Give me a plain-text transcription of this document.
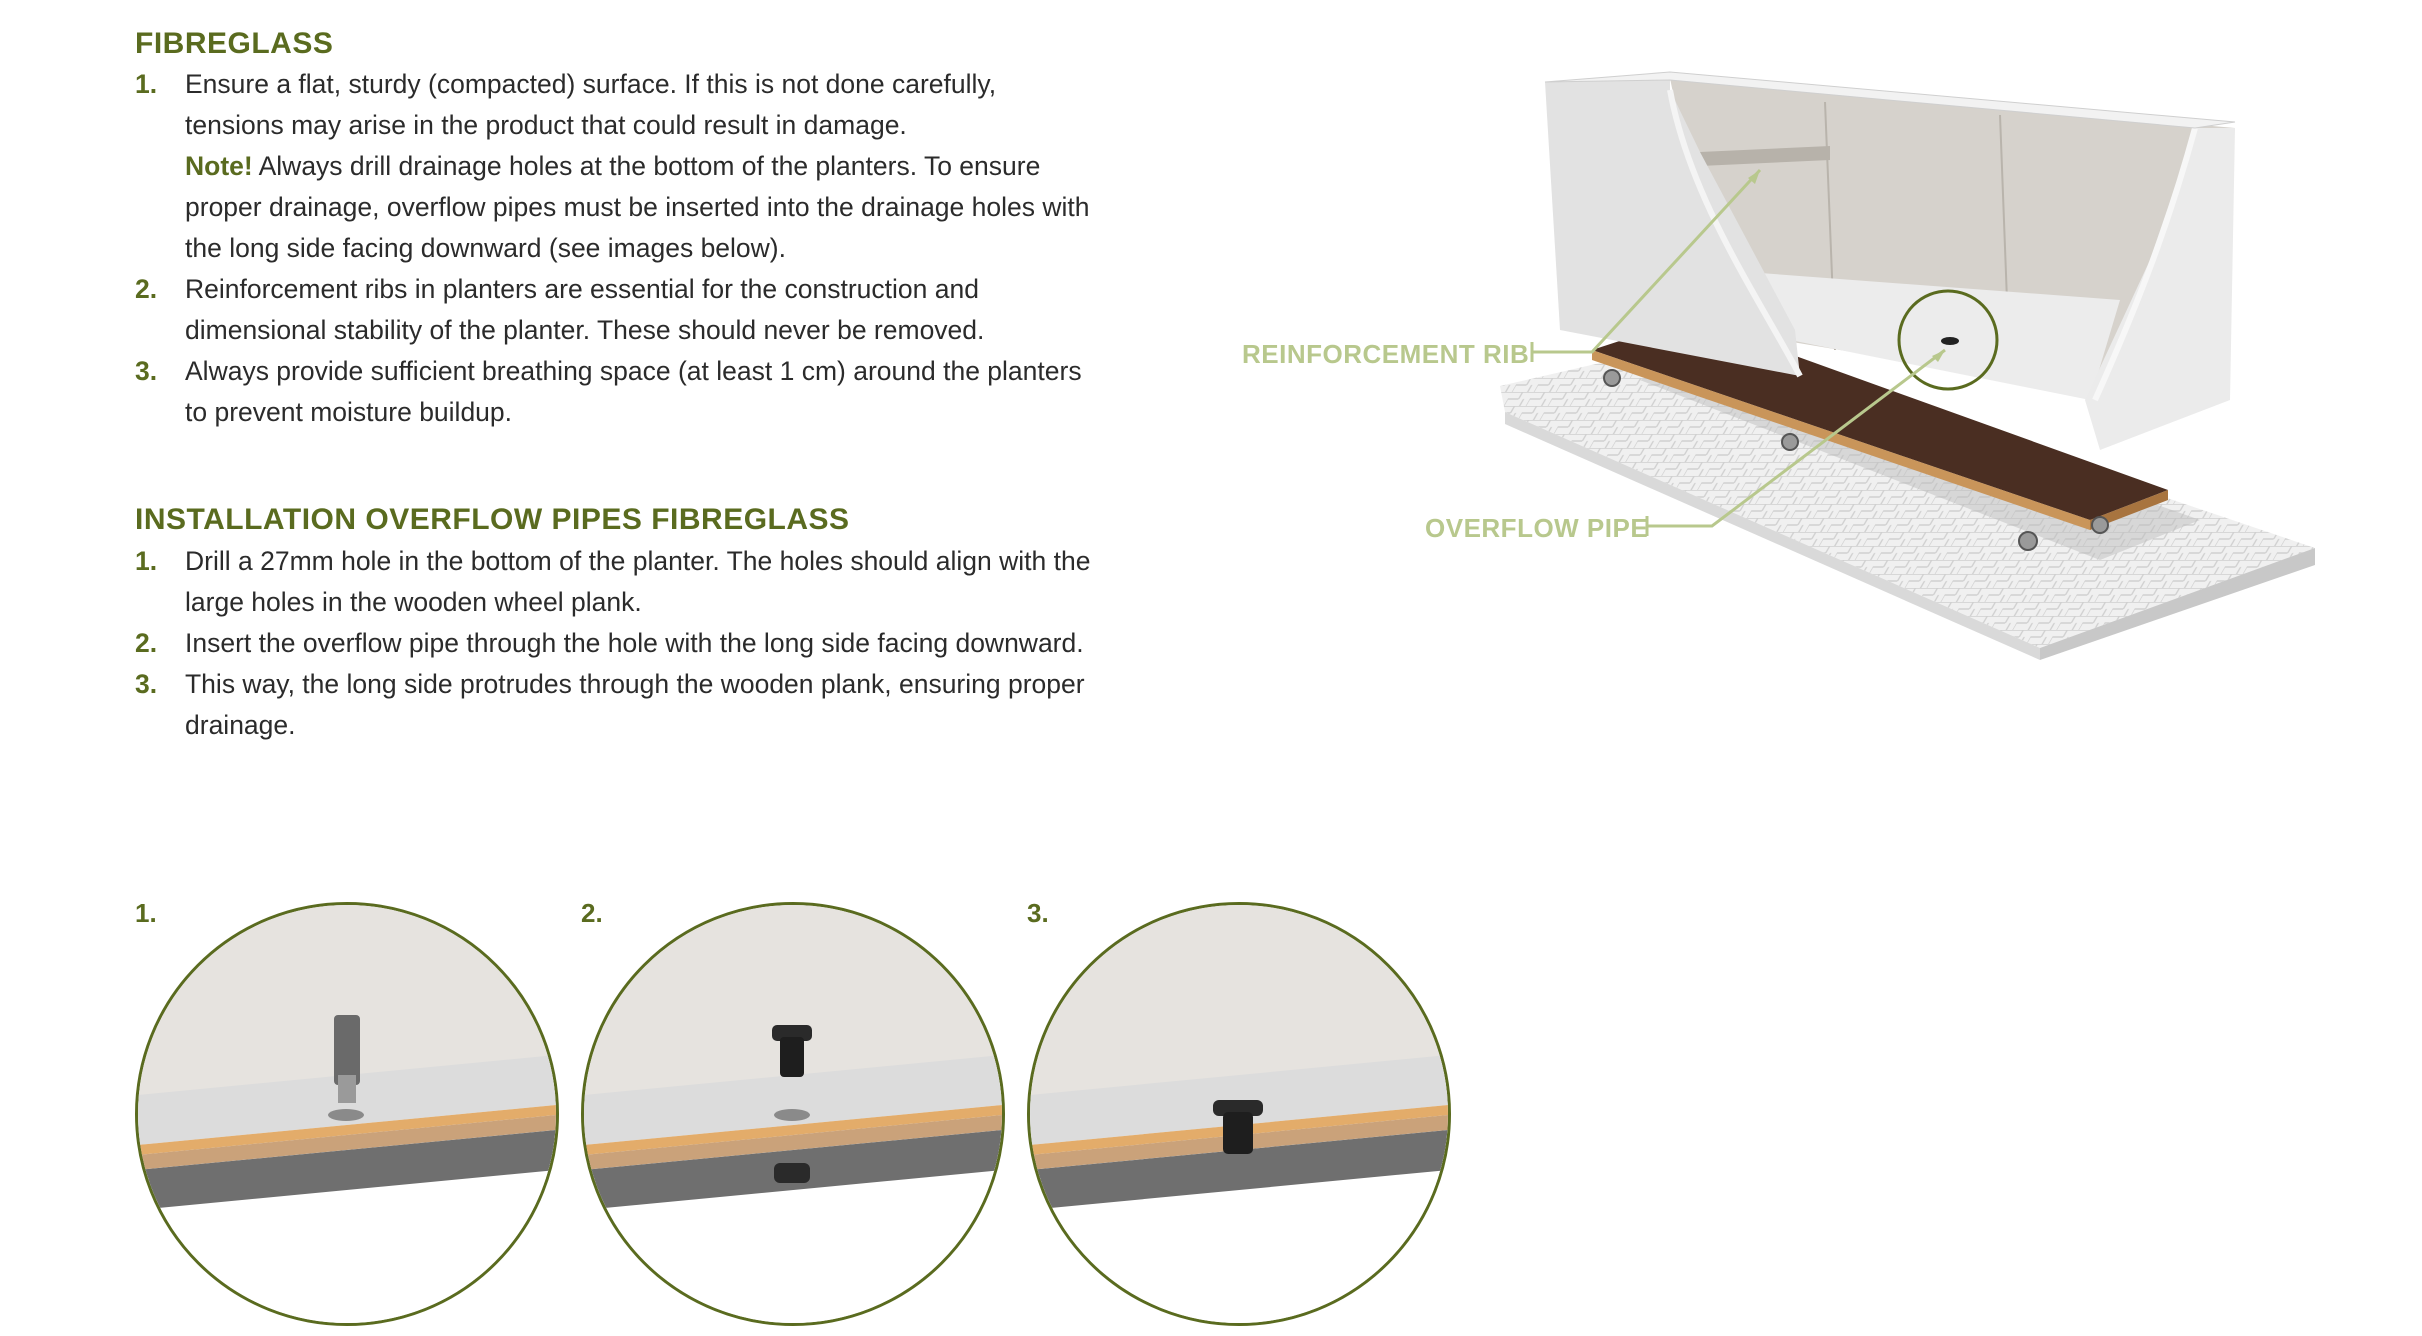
FIBREGLASS
1. Ensure a flat, sturdy (compacted) surface. If this is not done carefully, tensions may arise in the product that could result in damage.
Note! Always drill drainage holes at the bottom of the planters. To ensure proper drainage, overflow pipes must be inserted into the drainage holes with the long side facing downward (see images below).
2. Reinforcement ribs in planters are essential for the construction and dimensional stability of the planter. These should never be removed.
3. Always provide sufficient breathing space (at least 1 cm) around the planters to prevent moisture buildup.
INSTALLATION OVERFLOW PIPES FIBREGLASS
1. Drill a 27mm hole in the bottom of the planter. The holes should align with the large holes in the wooden wheel plank.
2. Insert the overflow pipe through the hole with the long side facing downward.
3. This way, the long side protrudes through the wooden plank, ensuring proper drainage.
REINFORCEMENT RIB
OVERFLOW PIPE
1.	2.	3.
